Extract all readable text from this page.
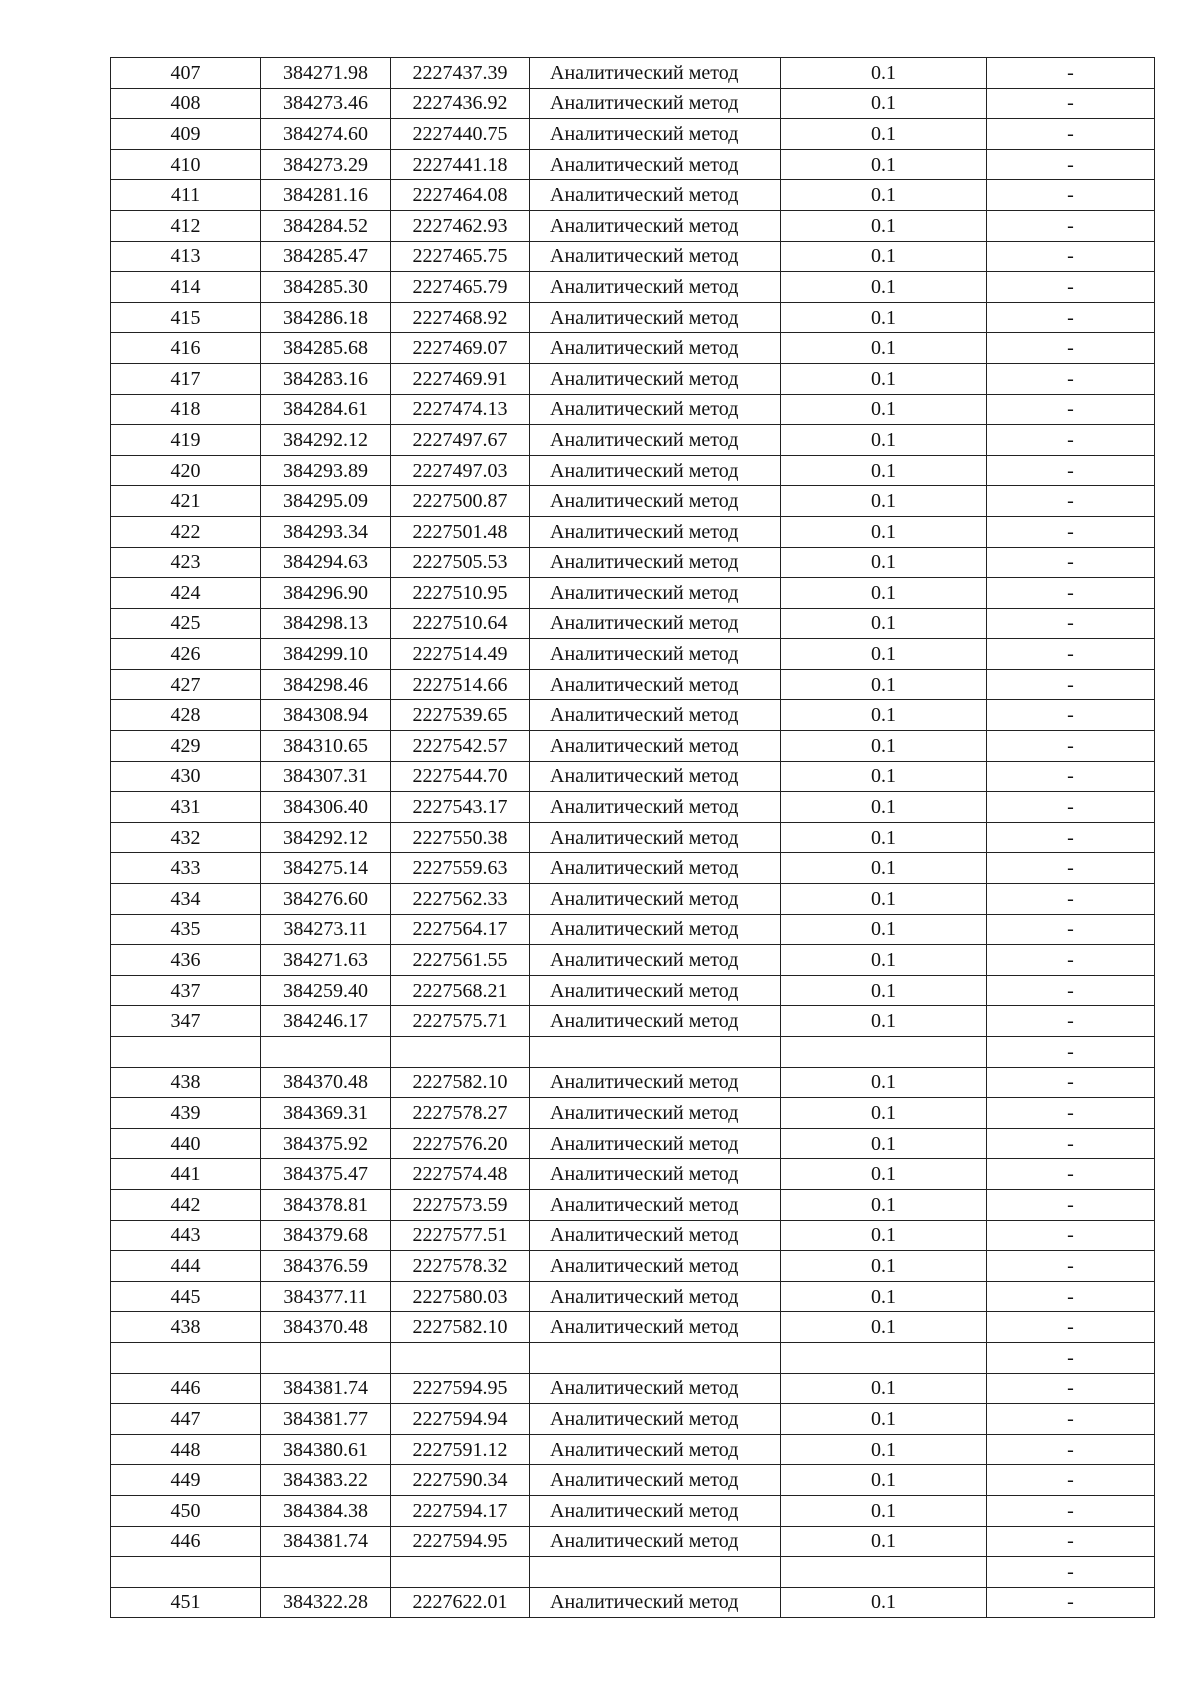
407	384271.98	2227437.39	Аналитический метод	0.1	-
408	384273.46	2227436.92	Аналитический метод	0.1	-
409	384274.60	2227440.75	Аналитический метод	0.1	-
410	384273.29	2227441.18	Аналитический метод	0.1	-
411	384281.16	2227464.08	Аналитический метод	0.1	-
412	384284.52	2227462.93	Аналитический метод	0.1	-
413	384285.47	2227465.75	Аналитический метод	0.1	-
414	384285.30	2227465.79	Аналитический метод	0.1	-
415	384286.18	2227468.92	Аналитический метод	0.1	-
416	384285.68	2227469.07	Аналитический метод	0.1	-
417	384283.16	2227469.91	Аналитический метод	0.1	-
418	384284.61	2227474.13	Аналитический метод	0.1	-
419	384292.12	2227497.67	Аналитический метод	0.1	-
420	384293.89	2227497.03	Аналитический метод	0.1	-
421	384295.09	2227500.87	Аналитический метод	0.1	-
422	384293.34	2227501.48	Аналитический метод	0.1	-
423	384294.63	2227505.53	Аналитический метод	0.1	-
424	384296.90	2227510.95	Аналитический метод	0.1	-
425	384298.13	2227510.64	Аналитический метод	0.1	-
426	384299.10	2227514.49	Аналитический метод	0.1	-
427	384298.46	2227514.66	Аналитический метод	0.1	-
428	384308.94	2227539.65	Аналитический метод	0.1	-
429	384310.65	2227542.57	Аналитический метод	0.1	-
430	384307.31	2227544.70	Аналитический метод	0.1	-
431	384306.40	2227543.17	Аналитический метод	0.1	-
432	384292.12	2227550.38	Аналитический метод	0.1	-
433	384275.14	2227559.63	Аналитический метод	0.1	-
434	384276.60	2227562.33	Аналитический метод	0.1	-
435	384273.11	2227564.17	Аналитический метод	0.1	-
436	384271.63	2227561.55	Аналитический метод	0.1	-
437	384259.40	2227568.21	Аналитический метод	0.1	-
347	384246.17	2227575.71	Аналитический метод	0.1	-
					-
438	384370.48	2227582.10	Аналитический метод	0.1	-
439	384369.31	2227578.27	Аналитический метод	0.1	-
440	384375.92	2227576.20	Аналитический метод	0.1	-
441	384375.47	2227574.48	Аналитический метод	0.1	-
442	384378.81	2227573.59	Аналитический метод	0.1	-
443	384379.68	2227577.51	Аналитический метод	0.1	-
444	384376.59	2227578.32	Аналитический метод	0.1	-
445	384377.11	2227580.03	Аналитический метод	0.1	-
438	384370.48	2227582.10	Аналитический метод	0.1	-
					-
446	384381.74	2227594.95	Аналитический метод	0.1	-
447	384381.77	2227594.94	Аналитический метод	0.1	-
448	384380.61	2227591.12	Аналитический метод	0.1	-
449	384383.22	2227590.34	Аналитический метод	0.1	-
450	384384.38	2227594.17	Аналитический метод	0.1	-
446	384381.74	2227594.95	Аналитический метод	0.1	-
					-
451	384322.28	2227622.01	Аналитический метод	0.1	-
